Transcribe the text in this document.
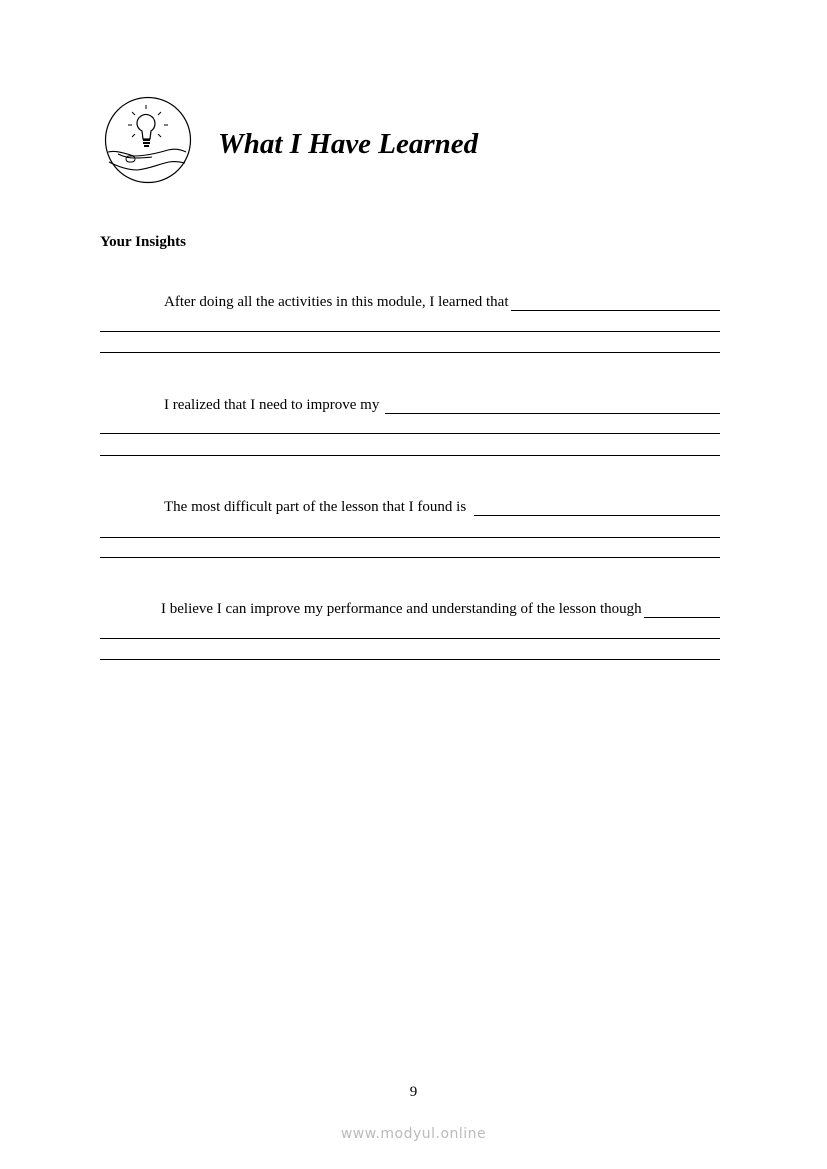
What I Have Learned
Your Insights
After doing all the activities in this module, I learned that
I realized that I need to improve my
The most difficult part of the lesson that I found is
I believe I can improve my performance and understanding of the lesson though
9
www.modyul.online
